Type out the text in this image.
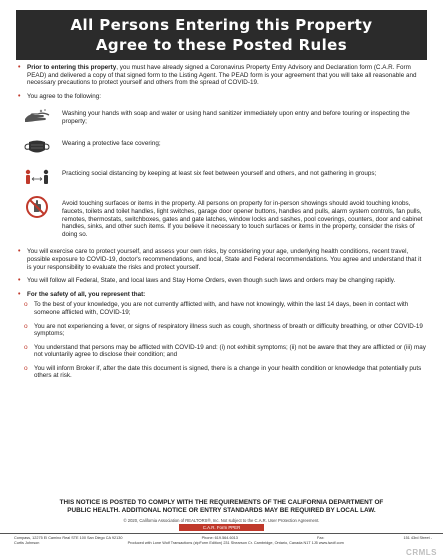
All Persons Entering this Property
Agree to these Posted Rules
•	Prior to entering this property, you must have already signed a Coronavirus Property Entry Advisory and Declaration form (C.A.R. Form PEAD) and delivered a copy of that signed form to the Listing Agent. The PEAD form is your agreement that you will take all reasonable and necessary precautions to protect yourself and others from the spread of COVID-19.
•	You agree to the following:
Washing your hands with soap and water or using hand sanitizer immediately upon entry and before touring or inspecting the property;
Wearing a protective face covering;
Practicing social distancing by keeping at least six feet between yourself and others, and not gathering in groups;
Avoid touching surfaces or items in the property. All persons on property for in-person showings should avoid touching knobs, faucets, toilets and toilet handles, light switches, garage door opener buttons, handles and pulls, alarm system controls, fan pulls, remotes, thermostats, switchboxes, gates and gate latches, window locks and sashes, pool coverings, counters, door and cabinet handles, sinks, and other such items. If you believe it necessary to touch surfaces or items in the property, consider the risks of doing so.
•	You will exercise care to protect yourself, and assess your own risks, by considering your age, underlying health conditions, recent travel, possible exposure to COVID-19, doctor's recommendations, and local, State and Federal recommendations. You agree and understand that it is your responsibility to evaluate the risks and protect yourself.
•	You will follow all Federal, State, and local laws and Stay Home Orders, even though such laws and orders may be changing rapidly.
•	For the safety of all, you represent that:
o	To the best of your knowledge, you are not currently afflicted with, and have not knowingly, within the last 14 days, been in contact with someone afflicted with, COVID-19;
o	You are not experiencing a fever, or signs of respiratory illness such as cough, shortness of breath or difficulty breathing, or other COVID-19 symptoms;
o	You understand that persons may be afflicted with COVID-19 and: (i) not exhibit symptoms; (ii) not be aware that they are afflicted or (iii) may not voluntarily agree to disclose their condition; and
o	You will inform Broker if, after the date this document is signed, there is a change in your health condition or knowledge that potentially puts others at risk.
THIS NOTICE IS POSTED TO COMPLY WITH THE REQUIREMENTS OF THE CALIFORNIA DEPARTMENT OF
PUBLIC HEALTH. ADDITIONAL NOTICE OR ENTRY STANDARDS MAY BE REQUIRED BY LOCAL LAW.
© 2020, California Association of REALTORS®, Inc. Not subject to the C.A.R. User Protection Agreement.
C.A.R. Form PPER
Compass, 12275 El Camino Real STE 100 San Diego CA 92130	Phone: 619.564.6013	Fax:	151 43rd Street -
Curtis Johnson	Produced with Lone Wolf Transactions (zipForm Edition) 231 Shearson Cr. Cambridge, Ontario, Canada N1T 1J5 www.lwolf.com
CRMLS
